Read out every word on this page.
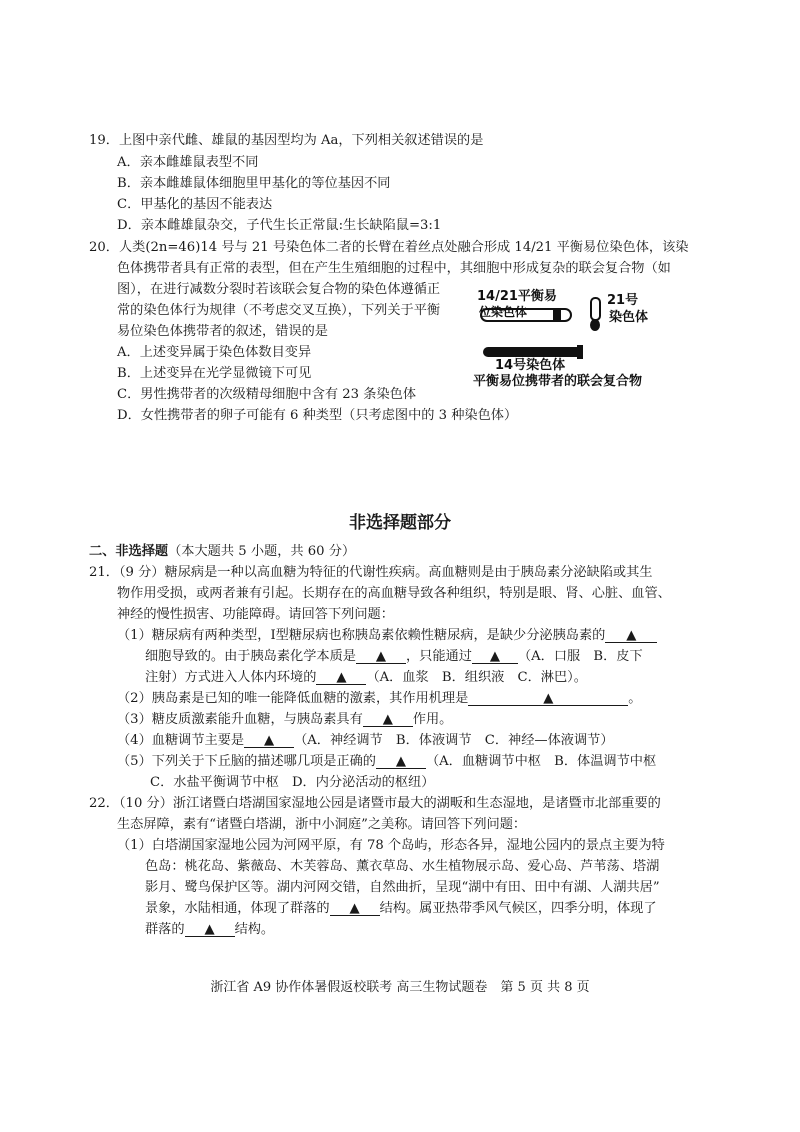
19．上图中亲代雌、雄鼠的基因型均为 Aa，下列相关叙述错误的是
A．亲本雌雄鼠表型不同
B．亲本雌雄鼠体细胞里甲基化的等位基因不同
C．甲基化的基因不能表达
D．亲本雌雄鼠杂交，子代生长正常鼠:生长缺陷鼠=3:1
20．人类(2n=46)14 号与 21 号染色体二者的长臂在着丝点处融合形成 14/21 平衡易位染色体，该染
色体携带者具有正常的表型，但在产生生殖细胞的过程中，其细胞中形成复杂的联会复合物（如
图），在进行减数分裂时若该联会复合物的染色体遵循正
常的染色体行为规律（不考虑交叉互换），下列关于平衡
易位染色体携带者的叙述，错误的是
A．上述变异属于染色体数目变异
B．上述变异在光学显微镜下可见
C．男性携带者的次级精母细胞中含有 23 条染色体
D．女性携带者的卵子可能有 6 种类型（只考虑图中的 3 种染色体）
14/21平衡易
位染色体
21号
染色体
14号染色体
平衡易位携带者的联会复合物
非选择题部分
二、非选择题（本大题共 5 小题，共 60 分）
21．（9 分）糖尿病是一种以高血糖为特征的代谢性疾病。高血糖则是由于胰岛素分泌缺陷或其生
物作用受损，或两者兼有引起。长期存在的高血糖导致各种组织，特别是眼、肾、心脏、血管、
神经的慢性损害、功能障碍。请回答下列问题：
（1）糖尿病有两种类型，Ⅰ型糖尿病也称胰岛素依赖性糖尿病，是缺少分泌胰岛素的 ▲
细胞导致的。由于胰岛素化学本质是 ▲ ，只能通过 ▲ （A．口服　B．皮下
注射）方式进入人体内环境的 ▲ （A．血浆　B．组织液　C．淋巴）。
（2）胰岛素是已知的唯一能降低血糖的激素，其作用机理是	▲	。
（3）糖皮质激素能升血糖，与胰岛素具有 ▲ 作用。
（4）血糖调节主要是 ▲ （A．神经调节　B．体液调节　C．神经—体液调节）
（5）下列关于下丘脑的描述哪几项是正确的 ▲ （A．血糖调节中枢　B．体温调节中枢
C．水盐平衡调节中枢　D．内分泌活动的枢纽）
22．（10 分）浙江诸暨白塔湖国家湿地公园是诸暨市最大的湖畈和生态湿地，是诸暨市北部重要的
生态屏障，素有“诸暨白塔湖，浙中小洞庭”之美称。请回答下列问题：
（1）白塔湖国家湿地公园为河网平原，有 78 个岛屿，形态各异，湿地公园内的景点主要为特
色岛：桃花岛、紫薇岛、木芙蓉岛、薰衣草岛、水生植物展示岛、爱心岛、芦苇荡、塔湖
影月、鹭鸟保护区等。湖内河网交错，自然曲折，呈现“湖中有田、田中有湖、人湖共居”
景象，水陆相通，体现了群落的 ▲ 结构。属亚热带季风气候区，四季分明，体现了
群落的 ▲ 结构。
浙江省 A9 协作体暑假返校联考 高三生物试题卷　第 5 页 共 8 页
